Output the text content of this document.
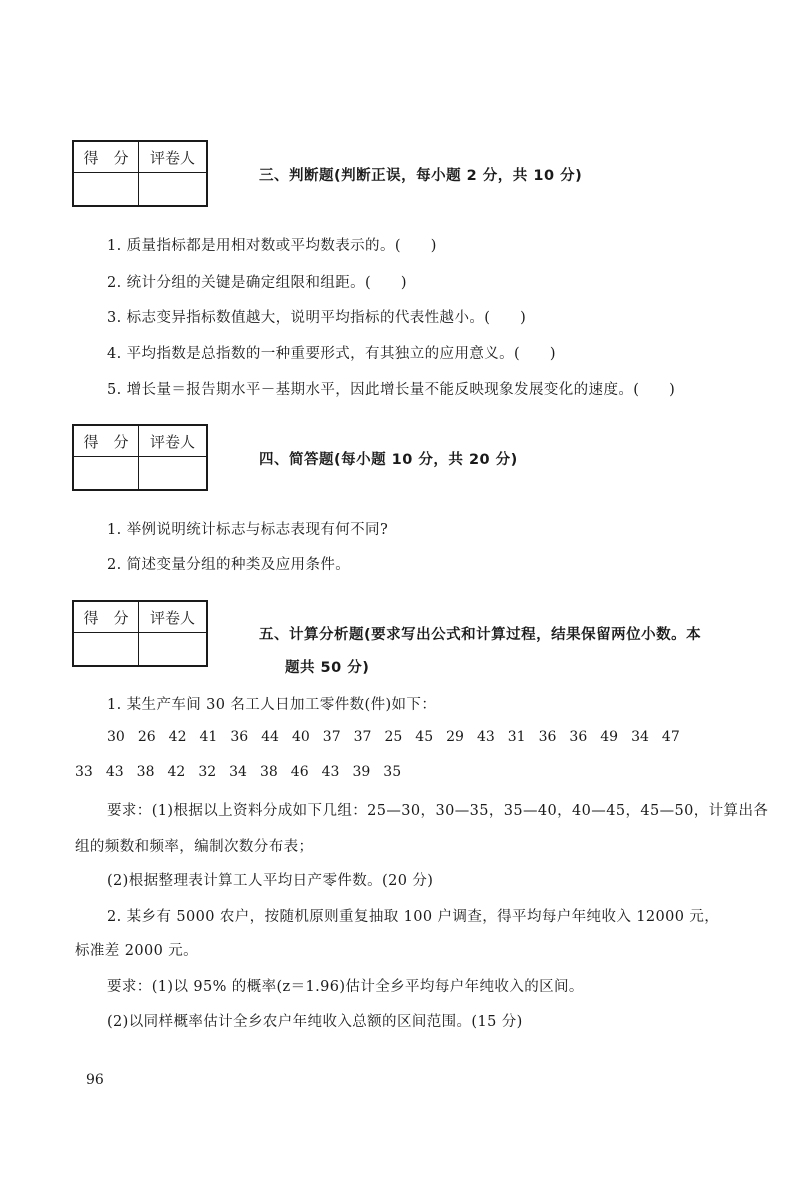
得　分	评卷人

三、判断题(判断正误，每小题 2 分，共 10 分)
1. 质量指标都是用相对数或平均数表示的。(　　)
2. 统计分组的关键是确定组限和组距。(　　)
3. 标志变异指标数值越大，说明平均指标的代表性越小。(　　)
4. 平均指数是总指数的一种重要形式，有其独立的应用意义。(　　)
5. 增长量＝报告期水平－基期水平，因此增长量不能反映现象发展变化的速度。(　　)
得　分	评卷人

四、简答题(每小题 10 分，共 20 分)
1. 举例说明统计标志与标志表现有何不同?
2. 简述变量分组的种类及应用条件。
得　分	评卷人

五、计算分析题(要求写出公式和计算过程，结果保留两位小数。本
题共 50 分)
1. 某生产车间 30 名工人日加工零件数(件)如下：
30 26 42 41 36 44 40 37 37 25 45 29 43 31 36 36 49 34 47
33 43 38 42 32 34 38 46 43 39 35
要求：(1)根据以上资料分成如下几组：25—30，30—35，35—40，40—45，45—50，计算出各
组的频数和频率，编制次数分布表；
(2)根据整理表计算工人平均日产零件数。(20 分)
2. 某乡有 5000 农户，按随机原则重复抽取 100 户调查，得平均每户年纯收入 12000 元，
标准差 2000 元。
要求：(1)以 95% 的概率(z＝1.96)估计全乡平均每户年纯收入的区间。
(2)以同样概率估计全乡农户年纯收入总额的区间范围。(15 分)
96
